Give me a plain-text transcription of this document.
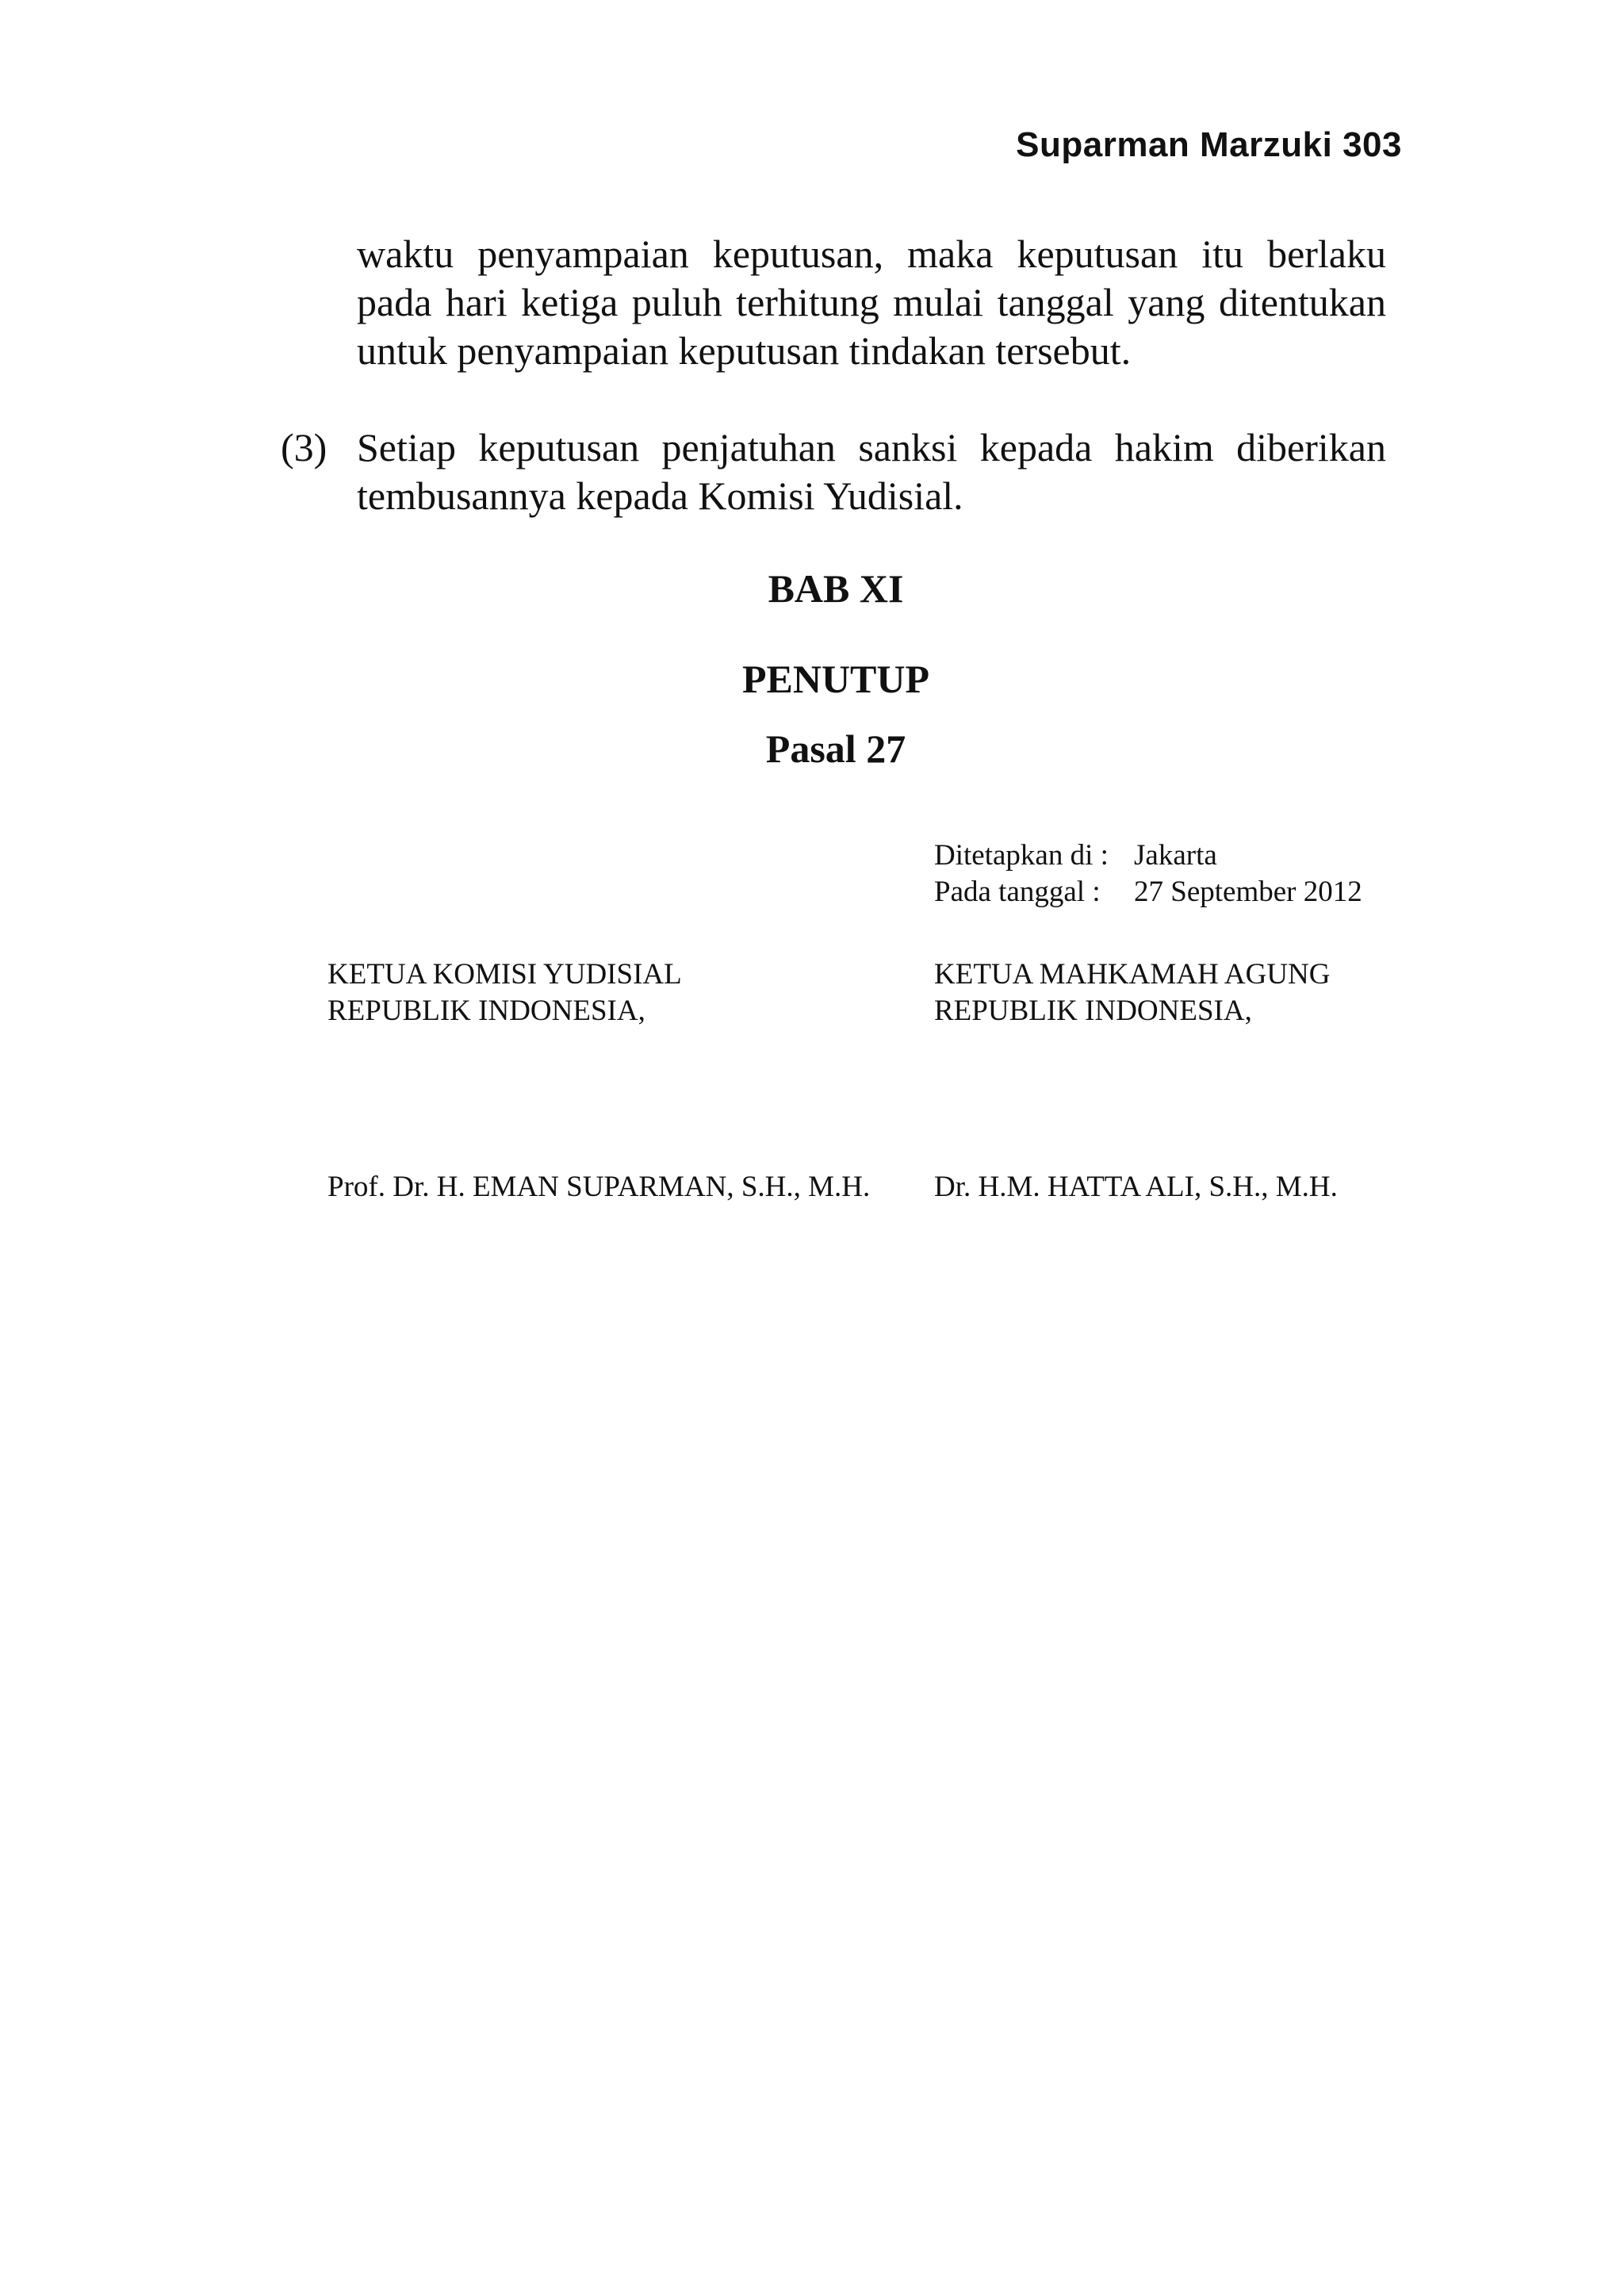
Suparman Marzuki 303

waktu penyampaian keputusan, maka keputusan itu berlaku pada hari ketiga puluh terhitung mulai tanggal yang ditentukan untuk penyampaian keputusan tindakan tersebut.

(3) Setiap keputusan penjatuhan sanksi kepada hakim diberikan tembusannya kepada Komisi Yudisial.
BAB XI
PENUTUP
Pasal 27
Ditetapkan di : Jakarta
Pada tanggal :	27 September 2012
KETUA KOMISI YUDISIAL
REPUBLIK INDONESIA,
KETUA MAHKAMAH AGUNG
REPUBLIK INDONESIA,
Prof. Dr. H. EMAN SUPARMAN, S.H., M.H. Dr. H.M. HATTA ALI, S.H., M.H.
